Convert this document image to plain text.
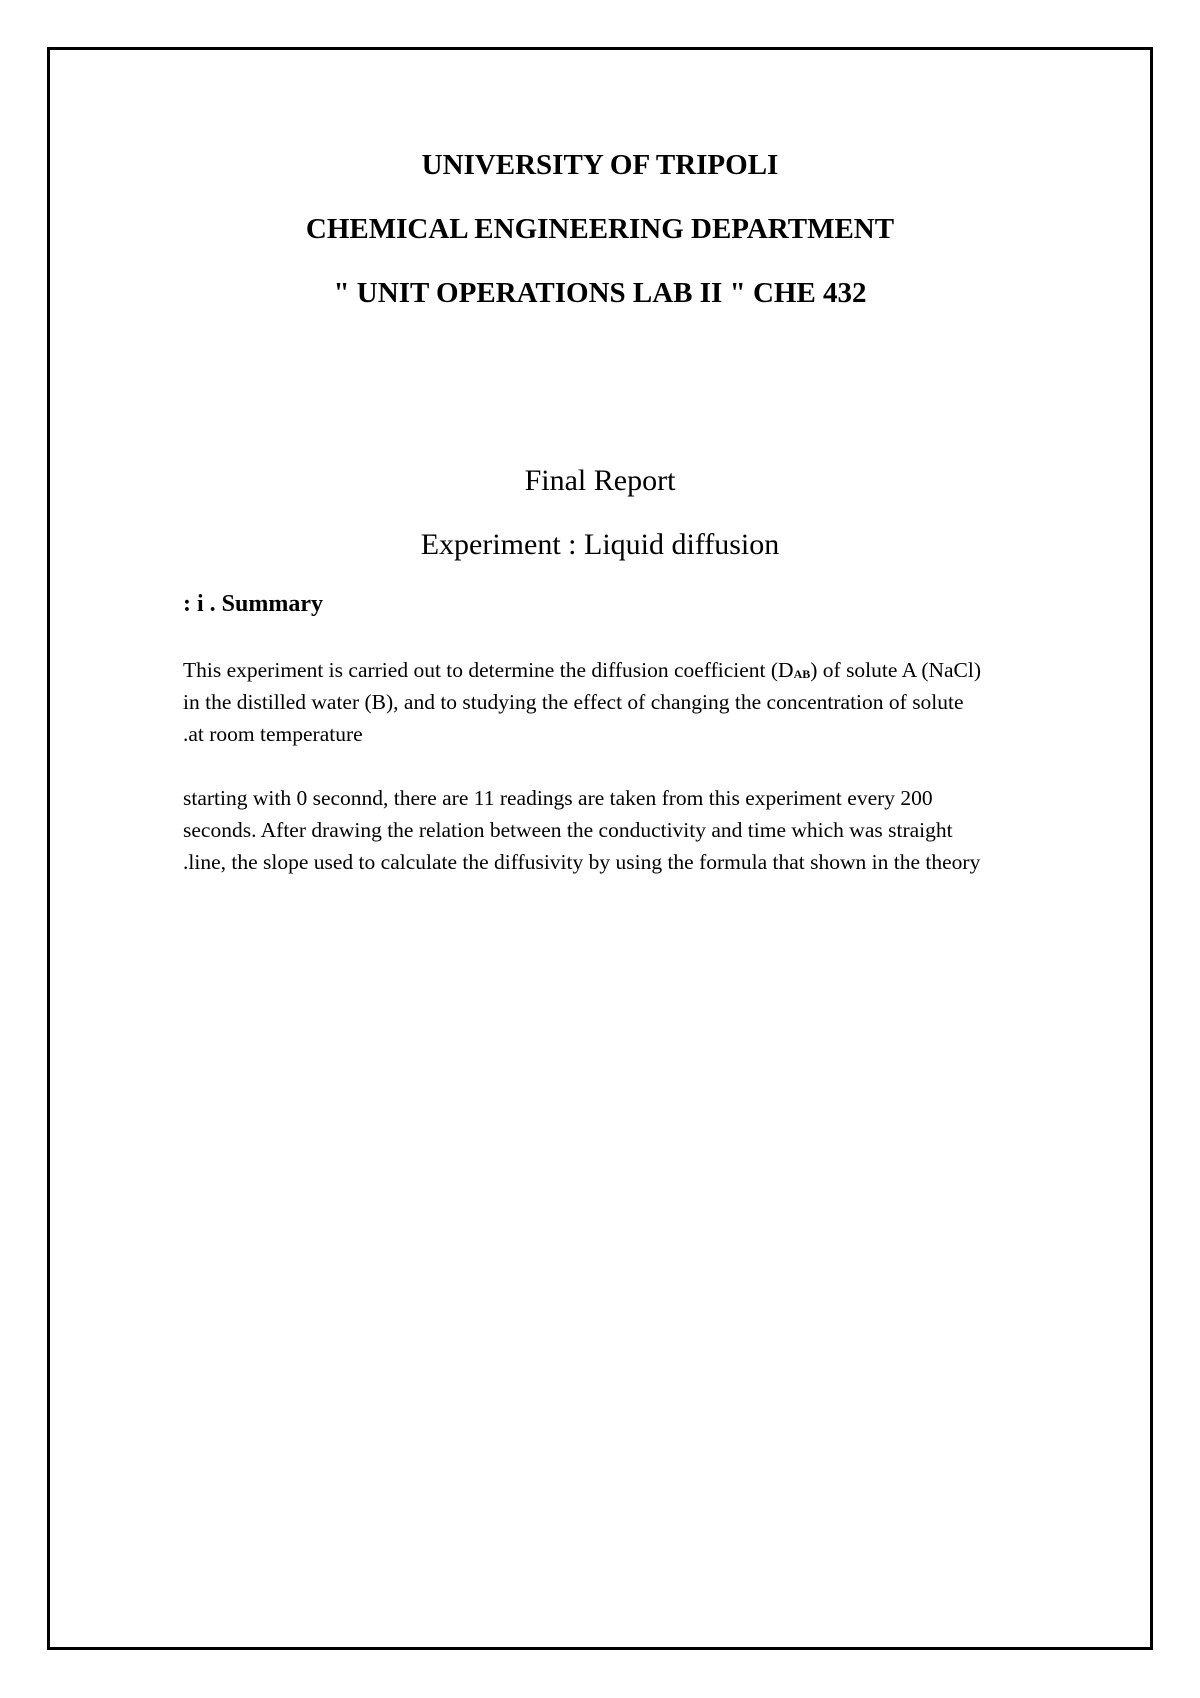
UNIVERSITY OF TRIPOLI
CHEMICAL ENGINEERING DEPARTMENT
" UNIT OPERATIONS LAB II " CHE 432
Final Report
Experiment : Liquid diffusion
: i . Summary
This experiment is carried out to determine the diffusion coefficient $(D_{AB})$ of solute A (NaCl)
in the distilled water (B), and to studying the effect of changing the concentration of solute
.at room temperature
starting with 0 seconnd, there are 11 readings are taken from this experiment every 200
seconds. After drawing the relation between the conductivity and time which was straight
.line, the slope used to calculate the diffusivity by using the formula that shown in the theory
